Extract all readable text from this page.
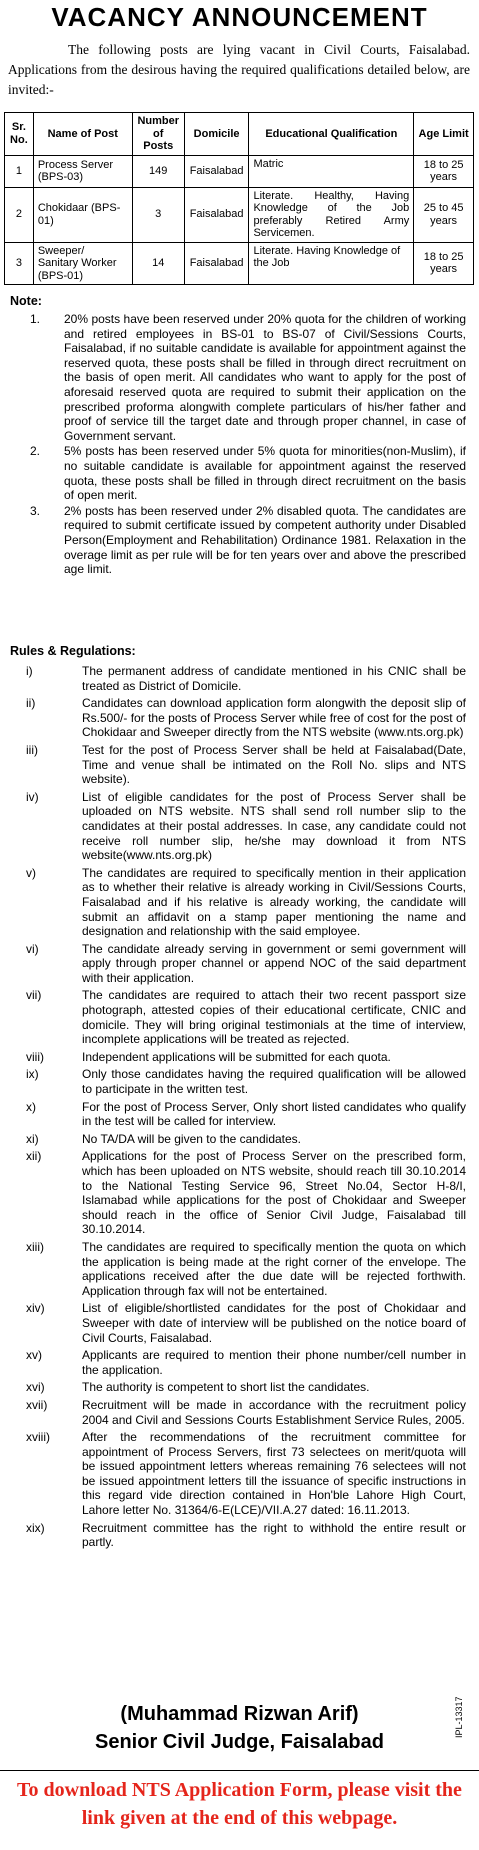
VACANCY ANNOUNCEMENT
The following posts are lying vacant in Civil Courts, Faisalabad. Applications from the desirous having the required qualifications detailed below, are invited:-
Sr. No.	Name of Post	Number of Posts	Domicile	Educational Qualification	Age Limit
1	Process Server (BPS-03)	149	Faisalabad	Matric	18 to 25 years
2	Chokidaar (BPS-01)	3	Faisalabad	Literate. Healthy, Having Knowledge of the Job preferably Retired Army Servicemen.	25 to 45 years
3	Sweeper/ Sanitary Worker (BPS-01)	14	Faisalabad	Literate. Having Knowledge of the Job	18 to 25 years
Note:
1.	20% posts have been reserved under 20% quota for the children of working and retired employees in BS-01 to BS-07 of Civil/Sessions Courts, Faisalabad, if no suitable candidate is available for appointment against the reserved quota, these posts shall be filled in through direct recruitment on the basis of open merit. All candidates who want to apply for the post of aforesaid reserved quota are required to submit their application on the prescribed proforma alongwith complete particulars of his/her father and proof of service till the target date and through proper channel, in case of Government servant.
2.	5% posts has been reserved under 5% quota for minorities(non-Muslim), if no suitable candidate is available for appointment against the reserved quota, these posts shall be filled in through direct recruitment on the basis of open merit.
3.	2% posts has been reserved under 2% disabled quota. The candidates are required to submit certificate issued by competent authority under Disabled Person(Employment and Rehabilitation) Ordinance 1981. Relaxation in the overage limit as per rule will be for ten years over and above the prescribed age limit.
Rules & Regulations:
i)	The permanent address of candidate mentioned in his CNIC shall be treated as District of Domicile.
ii)	Candidates can download application form alongwith the deposit slip of Rs.500/- for the posts of Process Server while free of cost for the post of Chokidaar and Sweeper directly from the NTS website (www.nts.org.pk)
iii)	Test for the post of Process Server shall be held at Faisalabad(Date, Time and venue shall be intimated on the Roll No. slips and NTS website).
iv)	List of eligible candidates for the post of Process Server shall be uploaded on NTS website. NTS shall send roll number slip to the candidates at their postal addresses. In case, any candidate could not receive roll number slip, he/she may download it from NTS website(www.nts.org.pk)
v)	The candidates are required to specifically mention in their application as to whether their relative is already working in Civil/Sessions Courts, Faisalabad and if his relative is already working, the candidate will submit an affidavit on a stamp paper mentioning the name and designation and relationship with the said employee.
vi)	The candidate already serving in government or semi government will apply through proper channel or append NOC of the said department with their application.
vii)	The candidates are required to attach their two recent passport size photograph, attested copies of their educational certificate, CNIC and domicile. They will bring original testimonials at the time of interview, incomplete applications will be treated as rejected.
viii)	Independent applications will be submitted for each quota.
ix)	Only those candidates having the required qualification will be allowed to participate in the written test.
x)	For the post of Process Server, Only short listed candidates who qualify in the test will be called for interview.
xi)	No TA/DA will be given to the candidates.
xii)	Applications for the post of Process Server on the prescribed form, which has been uploaded on NTS website, should reach till 30.10.2014 to the National Testing Service 96, Street No.04, Sector H-8/I, Islamabad while applications for the post of Chokidaar and Sweeper should reach in the office of Senior Civil Judge, Faisalabad till 30.10.2014.
xiii)	The candidates are required to specifically mention the quota on which the application is being made at the right corner of the envelope. The applications received after the due date will be rejected forthwith. Application through fax will not be entertained.
xiv)	List of eligible/shortlisted candidates for the post of Chokidaar and Sweeper with date of interview will be published on the notice board of Civil Courts, Faisalabad.
xv)	Applicants are required to mention their phone number/cell number in the application.
xvi)	The authority is competent to short list the candidates.
xvii)	Recruitment will be made in accordance with the recruitment policy 2004 and Civil and Sessions Courts Establishment Service Rules, 2005.
xviii)	After the recommendations of the recruitment committee for appointment of Process Servers, first 73 selectees on merit/quota will be issued appointment letters whereas remaining 76 selectees will not be issued appointment letters till the issuance of specific instructions in this regard vide direction contained in Hon'ble Lahore High Court, Lahore letter No. 31364/6-E(LCE)/VII.A.27 dated: 16.11.2013.
xix)	Recruitment committee has the right to withhold the entire result or partly.
(Muhammad Rizwan Arif)
Senior Civil Judge, Faisalabad
IPL-13317
To download NTS Application Form, please visit the link given at the end of this webpage.
